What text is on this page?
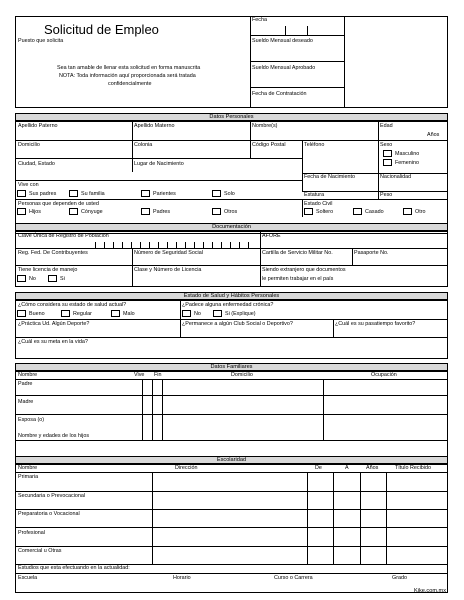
Solicitud de Empleo
Fecha
Puesto que solicita	Sueldo Mensual deseado
Sueldo Mensual Aprobado
Fecha de Contratación
Sea tan amable de llenar esta solicitud en forma manuscrita
NOTA: Toda información aquí proporcionada será tratada
confidencialmente
Datos Personales
Apellido Paterno	Apellido Materno	Nombre(s)	Edad
Años
Domicilio	Colonia	Código Postal	Teléfono	Sexo
Masculino
Femenino
Ciudad, Estado	Lugar de Nacimiento
Fecha de Nacimiento	Nacionalidad
Vive con
Sus padres	Su familia	Parientes	Solo	Estatura	Peso
Personas que dependen de usted
Hijos	Cónyuge	Padres	Otros
Estado Civil
Soltero	Casado	Otro
Documentación
Clave Única de Registro de Población	AFORE
Reg. Fed. De Contribuyentes	Número de Seguridad Social	Cartilla de Servicio Militar No.	Pasaporte No.
Tiene licencia de manejo
No	Si
Clase y Número de Licencia	Siendo extranjero que documentos
le permiten trabajar en el país
Estado de Salud y Hábitos Personales
¿Cómo considera su estado de salud actual?
Bueno	Regular	Malo
¿Padece alguna enfermedad crónica?
No	Si (Explique)
¿Práctica Ud. Algún Deporte?	¿Permanece a algún Club Social o Deportivo?	¿Cuál es su pasatiempo favorito?
¿Cuál es su meta en la vida?
Datos Familiares
Nombre	Vive Fin	Domicilio	Ocupación
Padre
Madre
Esposa (o)
Nombre y edades de los hijos
Escolaridad
Nombre	Dirección	De	A	Años	Título Recibido
Primaria
Secundaria o Prevocacional
Preparatoria o Vocacional
Profesional
Comercial u Otras
Estudios que esta efectuando en la actualidad:
Escuela	Horario	Curso o Carrera	Grado
Kike.com.mx
